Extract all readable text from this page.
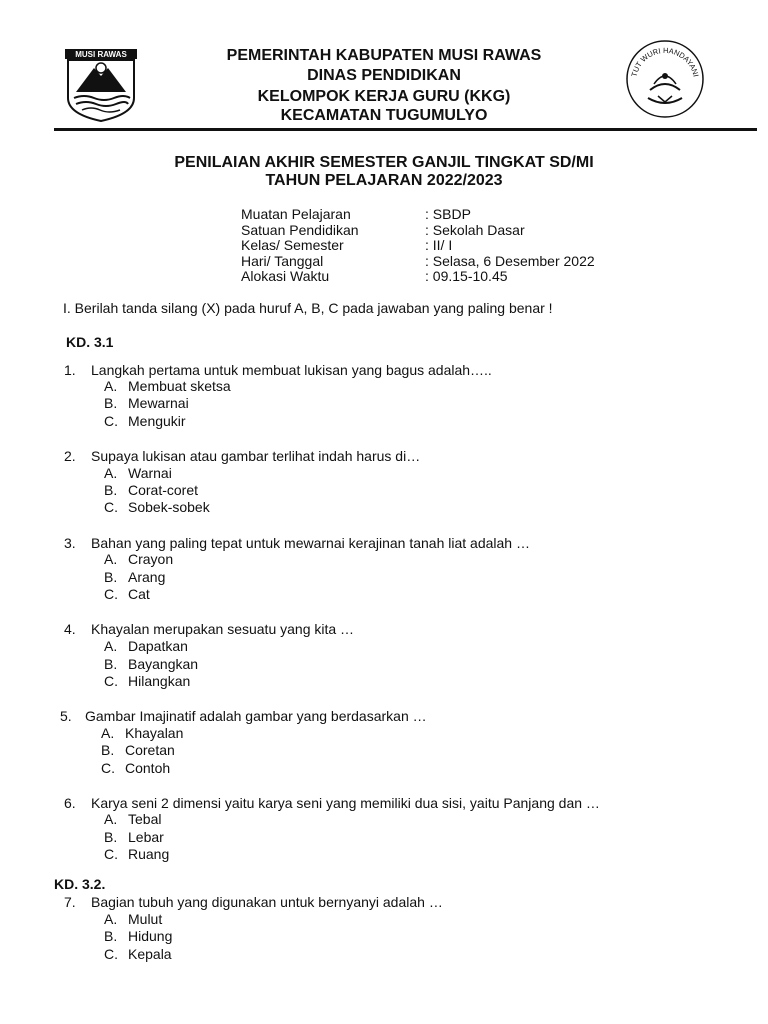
MUSI RAWAS
TUT WURI HANDAYANI
PEMERINTAH KABUPATEN MUSI RAWAS
DINAS PENDIDIKAN
KELOMPOK KERJA GURU (KKG)
KECAMATAN TUGUMULYO
PENILAIAN AKHIR SEMESTER GANJIL TINGKAT SD/MI
TAHUN PELAJARAN 2022/2023
Muatan Pelajaran	: SBDP
Satuan Pendidikan	: Sekolah Dasar
Kelas/ Semester	: II/ I
Hari/ Tanggal	: Selasa, 6 Desember 2022
Alokasi Waktu	: 09.15-10.45
I. Berilah tanda silang (X) pada huruf A, B, C pada jawaban yang paling benar !
KD. 3.1
1. Langkah pertama untuk membuat lukisan yang bagus adalah…..
A. Membuat sketsa
B. Mewarnai
C. Mengukir
2. Supaya lukisan atau gambar terlihat indah harus di…
A. Warnai
B. Corat-coret
C. Sobek-sobek
3. Bahan yang paling tepat untuk mewarnai kerajinan tanah liat adalah …
A. Crayon
B. Arang
C. Cat
4. Khayalan merupakan sesuatu yang kita …
A. Dapatkan
B. Bayangkan
C. Hilangkan
5. Gambar Imajinatif adalah gambar yang berdasarkan …
A. Khayalan
B. Coretan
C. Contoh
6. Karya seni 2 dimensi yaitu karya seni yang memiliki dua sisi, yaitu Panjang dan …
A. Tebal
B. Lebar
C. Ruang
KD. 3.2.
7. Bagian tubuh yang digunakan untuk bernyanyi adalah …
A. Mulut
B. Hidung
C. Kepala
